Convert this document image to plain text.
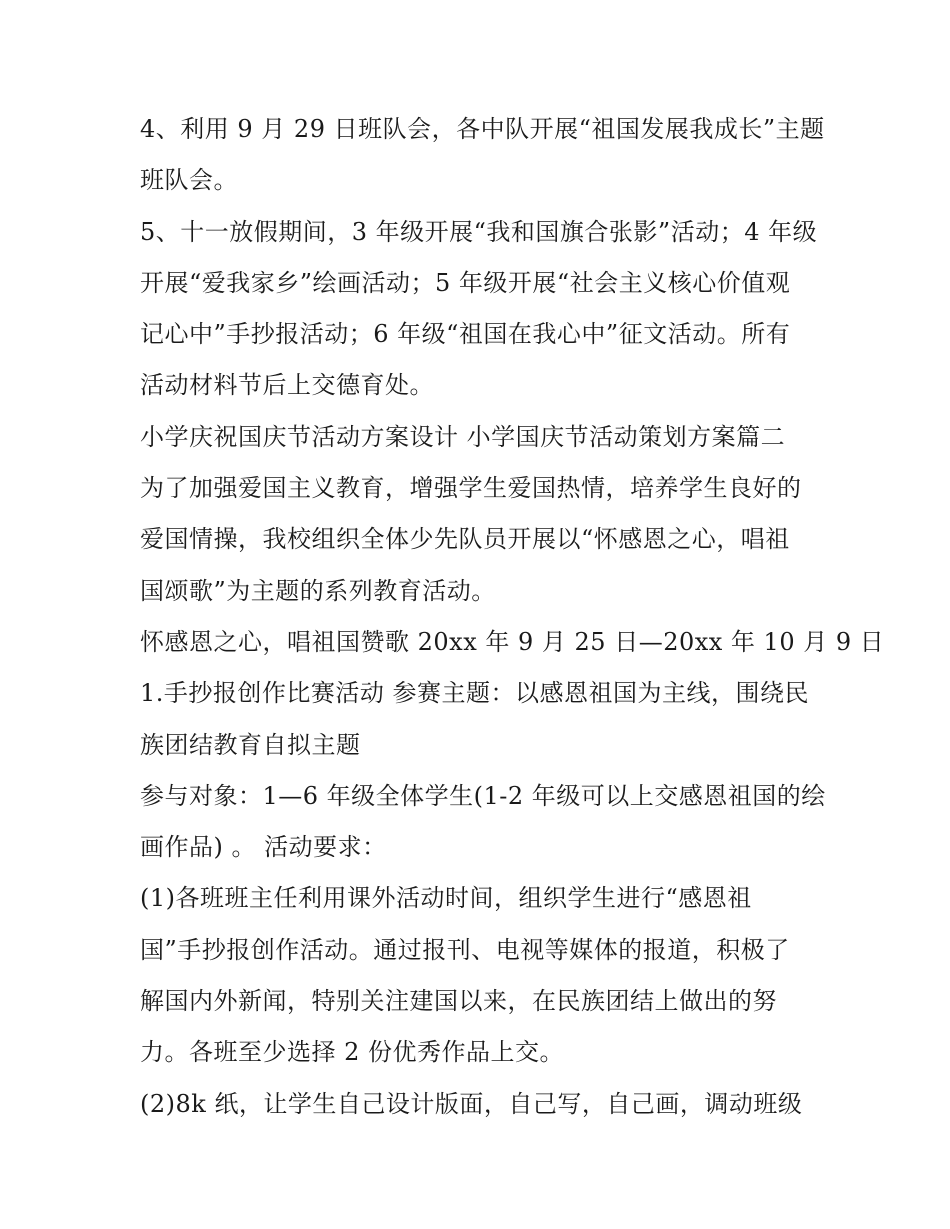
4、利用 9 月 29 日班队会，各中队开展“祖国发展我成长”主题
班队会。
5、十一放假期间，3 年级开展“我和国旗合张影”活动；4 年级
开展“爱我家乡”绘画活动；5 年级开展“社会主义核心价值观
记心中”手抄报活动；6 年级“祖国在我心中”征文活动。所有
活动材料节后上交德育处。
小学庆祝国庆节活动方案设计 小学国庆节活动策划方案篇二
为了加强爱国主义教育，增强学生爱国热情，培养学生良好的
爱国情操，我校组织全体少先队员开展以“怀感恩之心，唱祖
国颂歌”为主题的系列教育活动。
怀感恩之心，唱祖国赞歌 20xx 年 9 月 25 日—20xx 年 10 月 9 日
1.手抄报创作比赛活动 参赛主题：以感恩祖国为主线，围绕民
族团结教育自拟主题
参与对象：1—6 年级全体学生(1-2 年级可以上交感恩祖国的绘
画作品) 。 活动要求：
(1)各班班主任利用课外活动时间，组织学生进行“感恩祖
国”手抄报创作活动。通过报刊、电视等媒体的报道，积极了
解国内外新闻，特别关注建国以来，在民族团结上做出的努
力。各班至少选择 2 份优秀作品上交。
(2)8k 纸，让学生自己设计版面，自己写，自己画，调动班级
